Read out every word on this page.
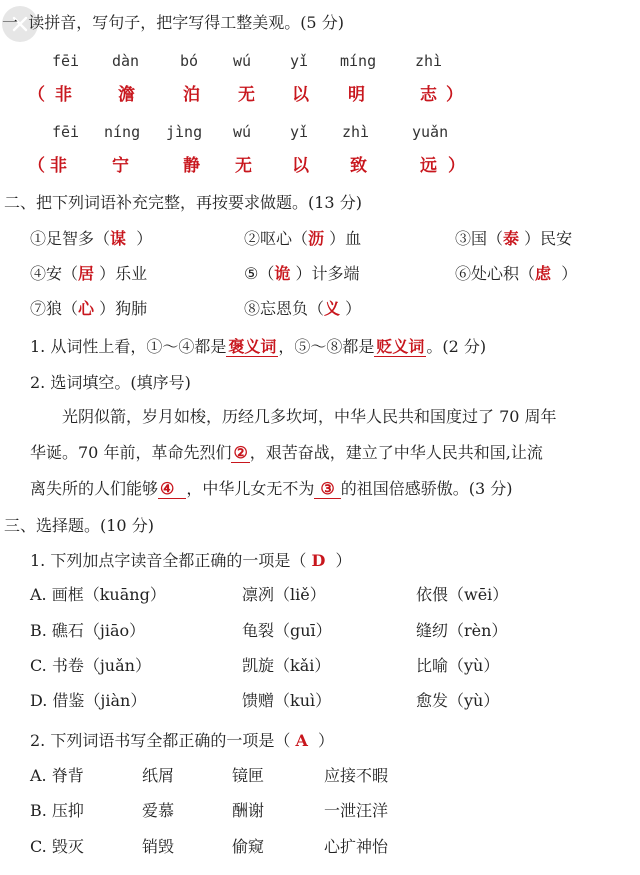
一 读拼音，写句子，把字写得工整美观。(5 分)
fēi dàn	bó wú	yǐ míng	zhì
（ 非	澹	泊 无 以 明	志 ）
fēi níng jìng wú	yǐ zhì	yuǎn
（ 非	宁	静 无 以 致	远 ）
二、把下列词语补充完整，再按要求做题。(13 分)
①足智多（谋 ）	②呕心（沥 ）血	③国（泰 ）民安
④安（居 ）乐业	⑤（诡 ）计多端	⑥处心积（虑 ）
⑦狼（心 ）狗肺	⑧忘恩负（义 ）
1. 从词性上看，①～④都是 褒义词 ，⑤～⑧都是 贬义词 。(2 分)
2. 选词填空。(填序号)
光阴似箭，岁月如梭，历经几多坎坷，中华人民共和国度过了 70 周年
华诞。70 年前，革命先烈们 ② ，艰苦奋战，建立了中华人民共和国,让流
离失所的人们能够 ④ ，中华儿女无不为 ③ 的祖国倍感骄傲。(3 分)
三、选择题。(10 分)
1. 下列加点字读音全都正确的一项是（ D ）
A. 画框（kuāng）	凛冽（liě）	依偎（wēi）
B. 礁石（jiāo）	龟裂（guī）	缝纫（rèn）
C. 书卷（juǎn）	凯旋（kǎi）	比喻（yù）
D. 借鉴（jiàn）	馈赠（kuì）	愈发（yù）
2. 下列词语书写全都正确的一项是（ A ）
A. 脊背	纸屑	镜匣	应接不暇
B. 压抑	爱慕	酬谢	一泄汪洋
C. 毁灭	销毁	偷窥	心扩神怡
